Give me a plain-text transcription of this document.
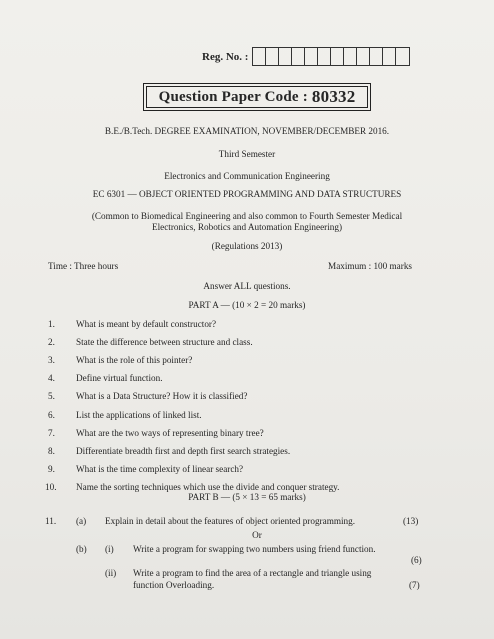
Reg. No. :
Question Paper Code : 80332
B.E./B.Tech. DEGREE EXAMINATION, NOVEMBER/DECEMBER 2016.
Third Semester
Electronics and Communication Engineering
EC 6301 — OBJECT ORIENTED PROGRAMMING AND DATA STRUCTURES
(Common to Biomedical Engineering and also common to Fourth Semester Medical
Electronics, Robotics and Automation Engineering)
(Regulations 2013)
Time : Three hours	Maximum : 100 marks
Answer ALL questions.
PART A — (10 × 2 = 20 marks)
1. What is meant by default constructor?
2. State the difference between structure and class.
3. What is the role of this pointer?
4. Define virtual function.
5. What is a Data Structure? How it is classified?
6. List the applications of linked list.
7. What are the two ways of representing binary tree?
8. Differentiate breadth first and depth first search strategies.
9. What is the time complexity of linear search?
10. Name the sorting techniques which use the divide and conquer strategy.
PART B — (5 × 13 = 65 marks)
11. (a) Explain in detail about the features of object oriented programming.	(13)
Or
(b) (i) Write a program for swapping two numbers using friend function.
(6)
(ii) Write a program to find the area of a rectangle and triangle using
function Overloading.	(7)
